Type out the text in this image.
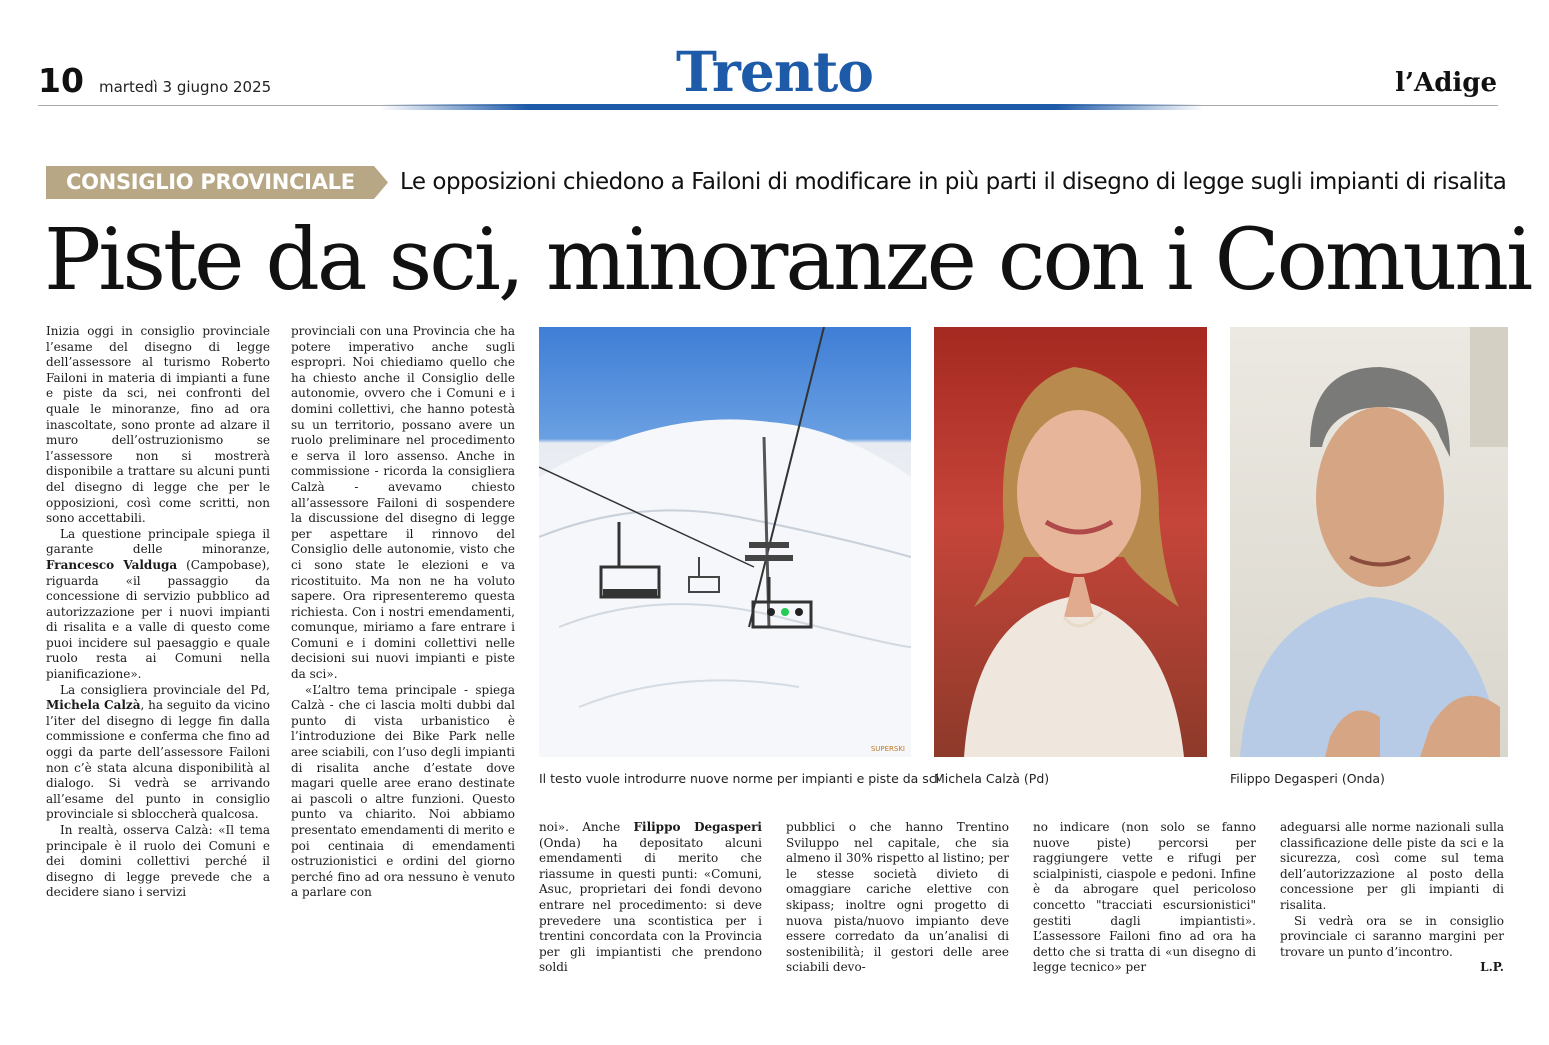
10 martedì 3 giugno 2025	Trento	l’Adige
CONSIGLIO PROVINCIALE Le opposizioni chiedono a Failoni di modificare in più parti il disegno di legge sugli impianti di risalita
Piste da sci, minoranze con i Comuni

Inizia oggi in consiglio provinciale l’esame del disegno di legge dell’assessore al turismo Roberto Failoni in materia di impianti a fune e piste da sci, nei confronti del quale le minoranze, fino ad ora inascoltate, sono pronte ad alzare il muro dell’ostruzionismo se l’assessore non si mostrerà disponibile a trattare su alcuni punti del disegno di legge che per le opposizioni, così come scritti, non sono accettabili.

La questione principale spiega il garante delle minoranze, Francesco Valduga (Campobase), riguarda «il passaggio da concessione di servizio pubblico ad autorizzazione per i nuovi impianti di risalita e a valle di questo come puoi incidere sul paesaggio e quale ruolo resta ai Comuni nella pianificazione».

La consigliera provinciale del Pd, Michela Calzà, ha seguito da vicino l’iter del disegno di legge fin dalla commissione e conferma che fino ad oggi da parte dell’assessore Failoni non c’è stata alcuna disponibilità al dialogo. Si vedrà se arrivando all’esame del punto in consiglio provinciale si sbloccherà qualcosa.

In realtà, osserva Calzà: «Il tema principale è il ruolo dei Comuni e dei domini collettivi perché il disegno di legge prevede che a decidere siano i servizi

provinciali con una Provincia che ha potere imperativo anche sugli espropri. Noi chiediamo quello che ha chiesto anche il Consiglio delle autonomie, ovvero che i Comuni e i domini collettivi, che hanno potestà su un territorio, possano avere un ruolo preliminare nel procedimento e serva il loro assenso. Anche in commissione - ricorda la consigliera Calzà - avevamo chiesto all’assessore Failoni di sospendere la discussione del disegno di legge per aspettare il rinnovo del Consiglio delle autonomie, visto che ci sono state le elezioni e va ricostituito. Ma non ne ha voluto sapere. Ora ripresenteremo questa richiesta. Con i nostri emendamenti, comunque, miriamo a fare entrare i Comuni e i domini collettivi nelle decisioni sui nuovi impianti e piste da sci».

«L’altro tema principale - spiega Calzà - che ci lascia molti dubbi dal punto di vista urbanistico è l’introduzione dei Bike Park nelle aree sciabili, con l’uso degli impianti di risalita anche d’estate dove magari quelle aree erano destinate ai pascoli o altre funzioni. Questo punto va chiarito. Noi abbiamo presentato emendamenti di merito e poi centinaia di emendamenti ostruzionistici e ordini del giorno perché fino ad ora nessuno è venuto a parlare con

SUPERSKI
Il testo vuole introdurre nuove norme per impianti e piste da sci
Michela Calzà (Pd)	Filippo Degasperi (Onda)

noi». Anche Filippo Degasperi (Onda) ha depositato alcuni emendamenti di merito che riassume in questi punti: «Comuni, Asuc, proprietari dei fondi devono entrare nel procedimento: si deve prevedere una scontistica per i trentini concordata con la Provincia per gli impiantisti che prendono soldi

pubblici o che hanno Trentino Sviluppo nel capitale, che sia almeno il 30% rispetto al listino; per le stesse società divieto di omaggiare cariche elettive con skipass; inoltre ogni progetto di nuova pista/nuovo impianto deve essere corredato da un’analisi di sostenibilità; il gestori delle aree sciabili devo-

no indicare (non solo se fanno nuove piste) percorsi per raggiungere vette e rifugi per scialpinisti, ciaspole e pedoni. Infine è da abrogare quel pericoloso concetto "tracciati escursionistici" gestiti dagli impiantisti». L’assessore Failoni fino ad ora ha detto che si tratta di «un disegno di legge tecnico» per

adeguarsi alle norme nazionali sulla classificazione delle piste da sci e la sicurezza, così come sul tema dell’autorizzazione al posto della concessione per gli impianti di risalita.

Si vedrà ora se in consiglio provinciale ci saranno margini per trovare un punto d’incontro.

L.P.
